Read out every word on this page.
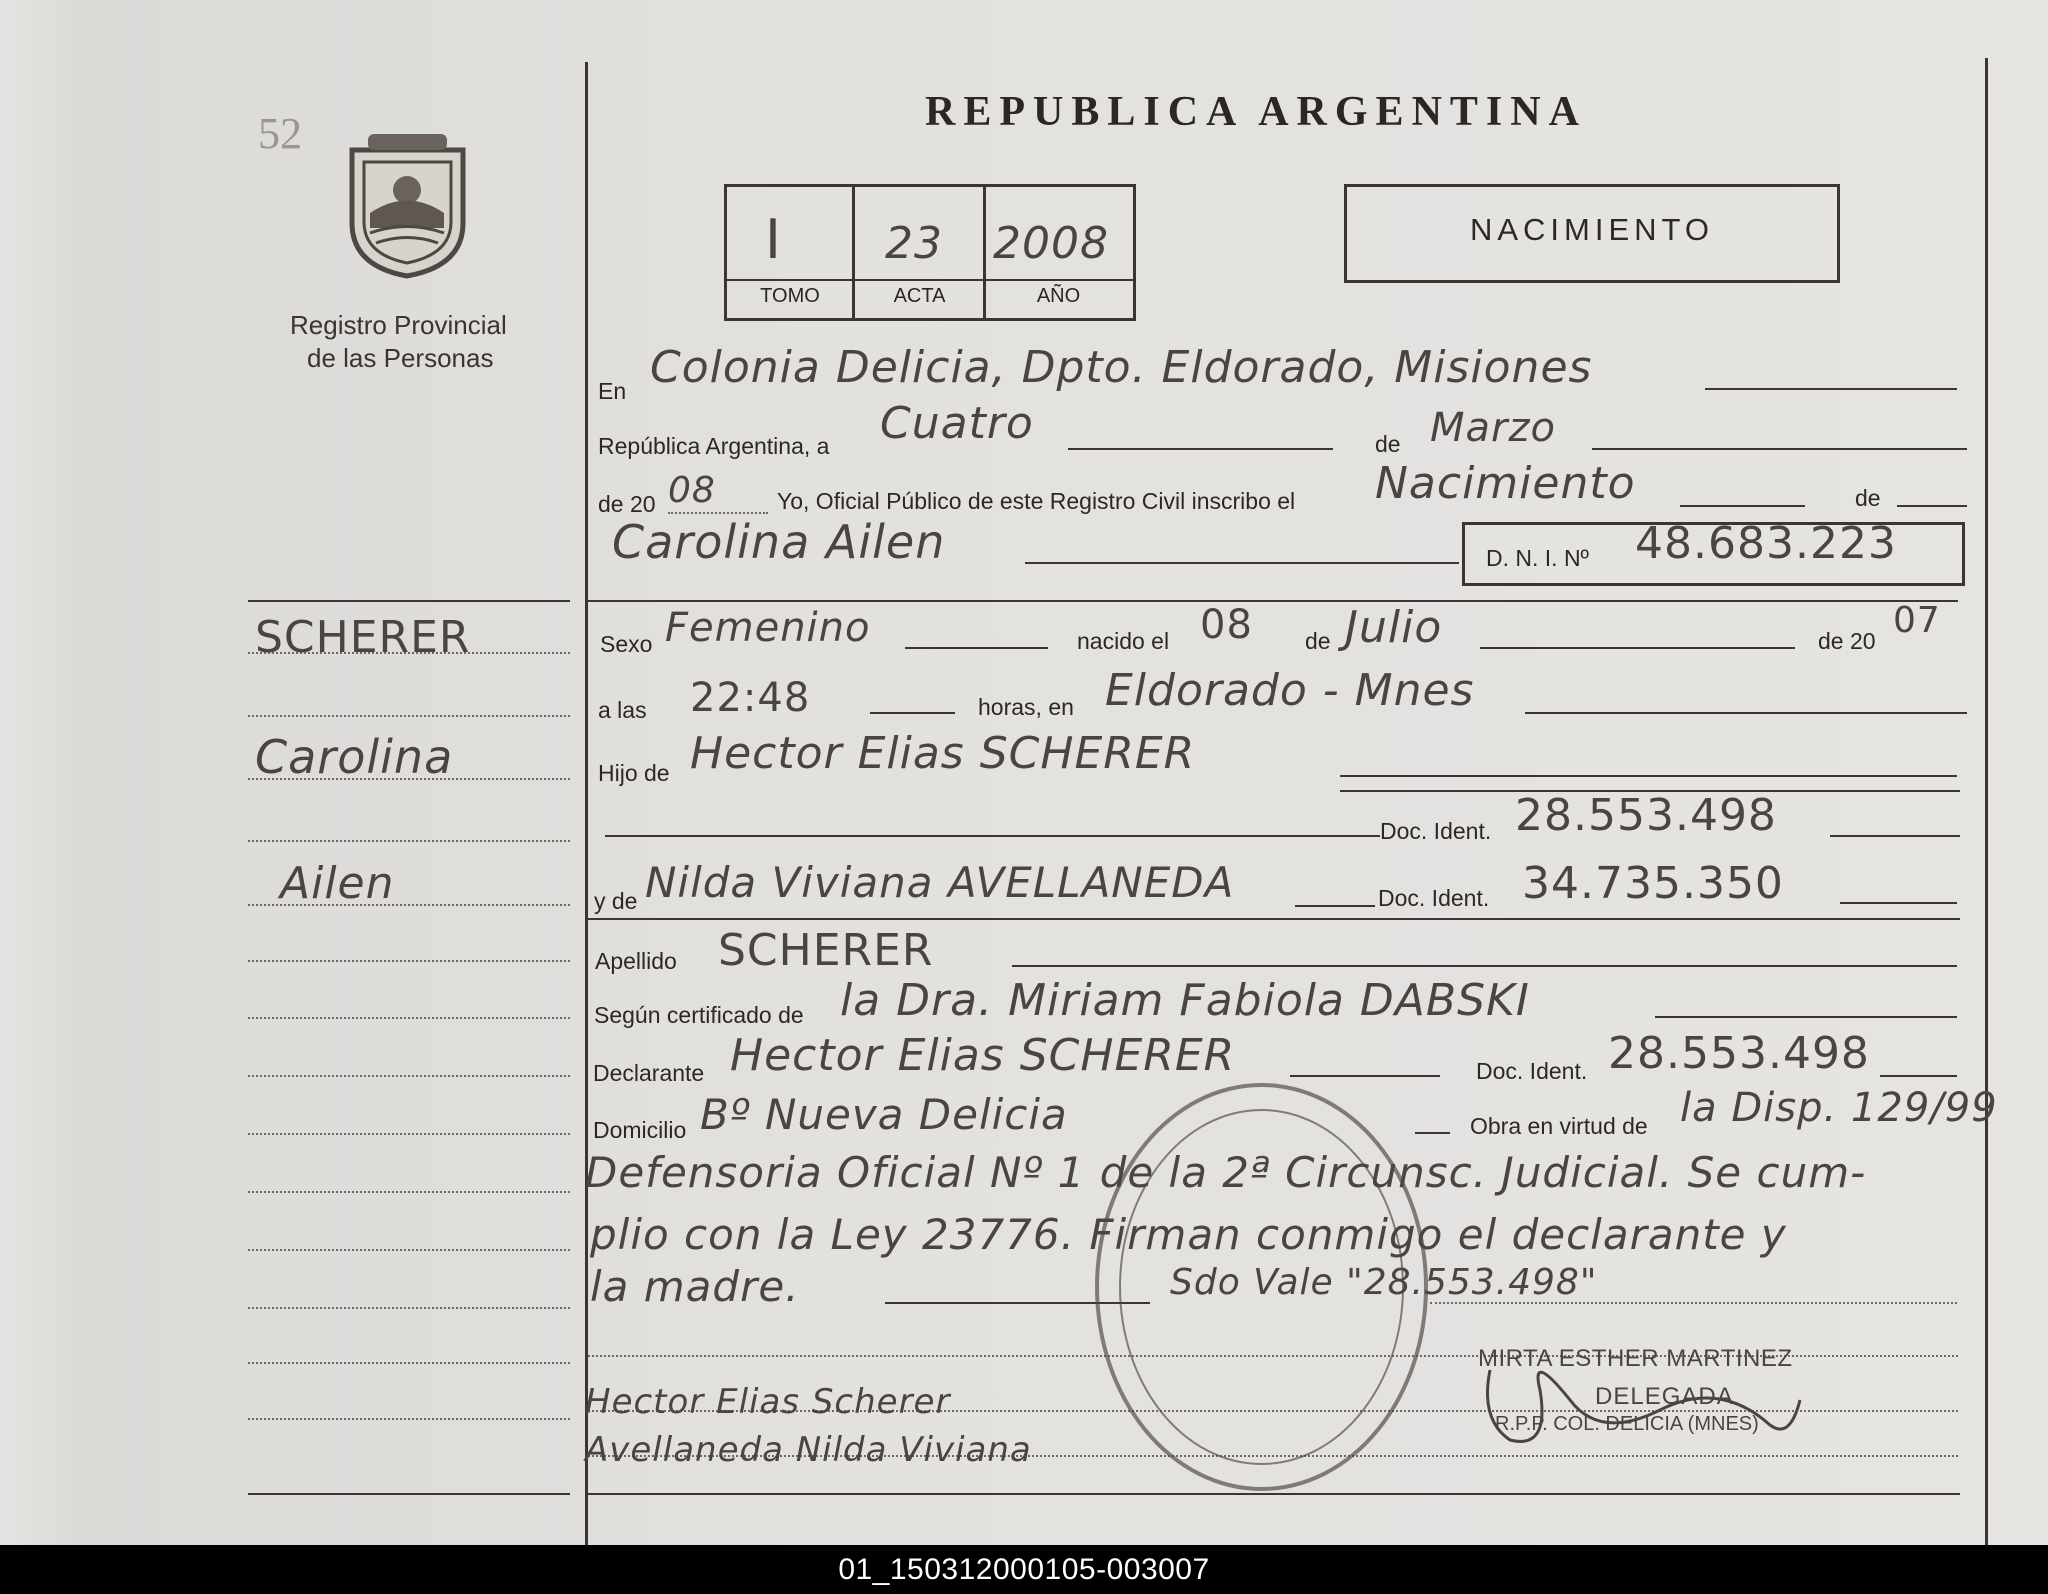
52
Registro Provincial
de las Personas
REPUBLICA ARGENTINA
I 23 2008
TOMO	ACTA	AÑO
NACIMIENTO
SCHERER
Carolina
Ailen
En Colonia Delicia, Dpto. Eldorado, Misiones
República Argentina, a Cuatro	de Marzo
de 20 08	Yo, Oficial Público de este Registro Civil inscribo el Nacimiento	de
Carolina Ailen	D. N. I. Nº 48.683.223
Sexo Femenino	nacido el 08 de Julio	de 20 07
a las 22:48	horas, en Eldorado - Mnes
Hijo de Hector Elias SCHERER
Doc. Ident. 28.553.498
y de Nilda Viviana AVELLANEDA	Doc. Ident. 34.735.350
Apellido SCHERER
Según certificado de la Dra. Miriam Fabiola DABSKI
Declarante Hector Elias SCHERER	Doc. Ident. 28.553.498
Domicilio Bº Nueva Delicia	Obra en virtud de la Disp. 129/99
Defensoria Oficial Nº 1 de la 2ª Circunsc. Judicial. Se cum-
plio con la Ley 23776. Firman conmigo el declarante y
la madre.	Sdo Vale "28.553.498"
Hector Elias Scherer
Avellaneda Nilda Viviana
MIRTA ESTHER MARTINEZ
DELEGADA
R.P.P. COL. DELICIA (MNES)
01_150312000105-003007
